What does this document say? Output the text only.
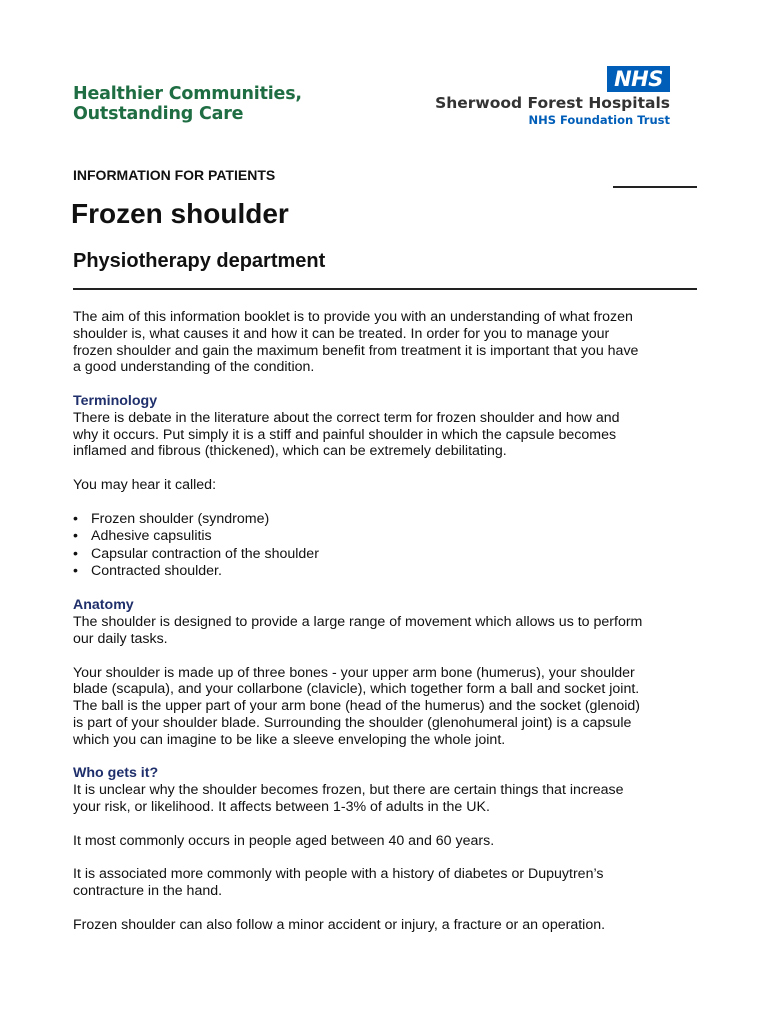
Healthier Communities,
Outstanding Care
NHS
Sherwood Forest Hospitals
NHS Foundation Trust
INFORMATION FOR PATIENTS
Frozen shoulder
Physiotherapy department

The aim of this information booklet is to provide you with an understanding of what frozen
shoulder is, what causes it and how it can be treated. In order for you to manage your
frozen shoulder and gain the maximum benefit from treatment it is important that you have
a good understanding of the condition.

Terminology

There is debate in the literature about the correct term for frozen shoulder and how and
why it occurs. Put simply it is a stiff and painful shoulder in which the capsule becomes
inflamed and fibrous (thickened), which can be extremely debilitating.

You may hear it called:

• Frozen shoulder (syndrome)
• Adhesive capsulitis
• Capsular contraction of the shoulder
• Contracted shoulder.
Anatomy

The shoulder is designed to provide a large range of movement which allows us to perform
our daily tasks.

Your shoulder is made up of three bones - your upper arm bone (humerus), your shoulder
blade (scapula), and your collarbone (clavicle), which together form a ball and socket joint.
The ball is the upper part of your arm bone (head of the humerus) and the socket (glenoid)
is part of your shoulder blade. Surrounding the shoulder (glenohumeral joint) is a capsule
which you can imagine to be like a sleeve enveloping the whole joint.

Who gets it?

It is unclear why the shoulder becomes frozen, but there are certain things that increase
your risk, or likelihood. It affects between 1-3% of adults in the UK.

It most commonly occurs in people aged between 40 and 60 years.

It is associated more commonly with people with a history of diabetes or Dupuytren’s
contracture in the hand.

Frozen shoulder can also follow a minor accident or injury, a fracture or an operation.
